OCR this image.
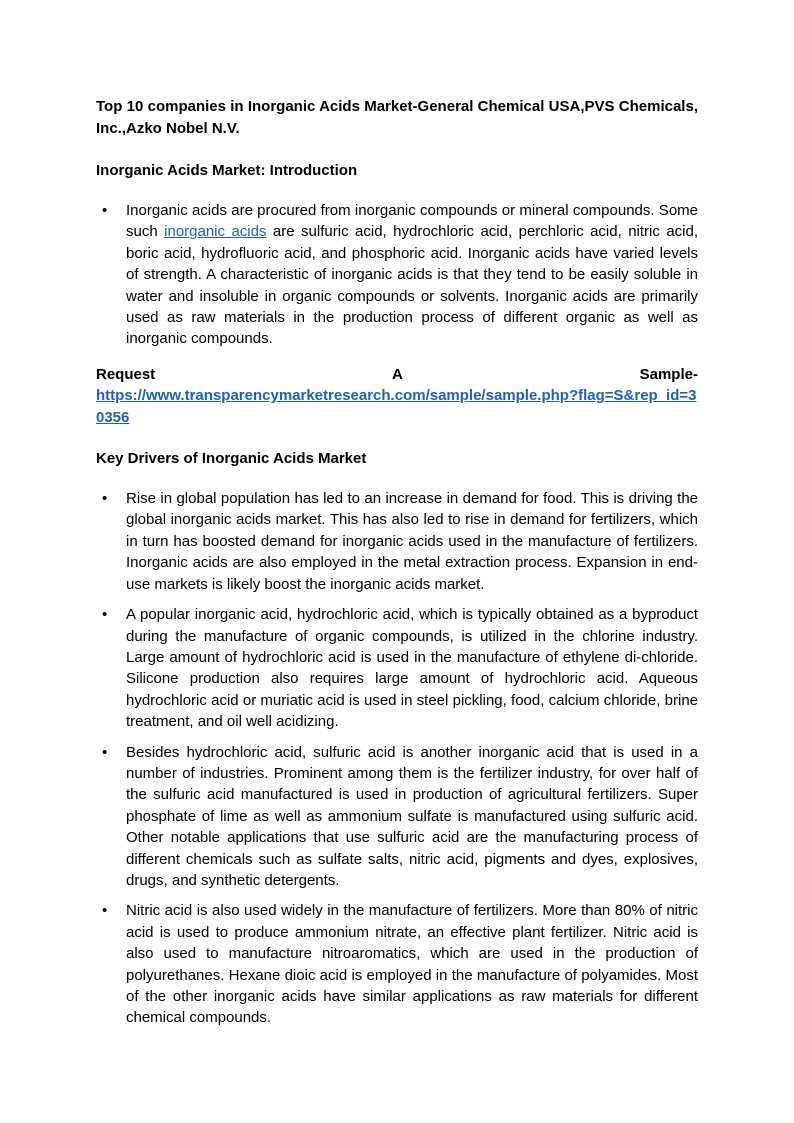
Top 10 companies in Inorganic Acids Market-General Chemical USA,PVS Chemicals, Inc.,Azko Nobel N.V.

Inorganic Acids Market: Introduction

• Inorganic acids are procured from inorganic compounds or mineral compounds. Some such inorganic acids are sulfuric acid, hydrochloric acid, perchloric acid, nitric acid, boric acid, hydrofluoric acid, and phosphoric acid. Inorganic acids have varied levels of strength. A characteristic of inorganic acids is that they tend to be easily soluble in water and insoluble in organic compounds or solvents. Inorganic acids are primarily used as raw materials in the production process of different organic as well as inorganic compounds.
Request	A	Sample-
https://www.transparencymarketresearch.com/sample/sample.php?flag=S&rep_id=30356

Key Drivers of Inorganic Acids Market

• Rise in global population has led to an increase in demand for food. This is driving the global inorganic acids market. This has also led to rise in demand for fertilizers, which in turn has boosted demand for inorganic acids used in the manufacture of fertilizers. Inorganic acids are also employed in the metal extraction process. Expansion in end-use markets is likely boost the inorganic acids market.
• A popular inorganic acid, hydrochloric acid, which is typically obtained as a byproduct during the manufacture of organic compounds, is utilized in the chlorine industry. Large amount of hydrochloric acid is used in the manufacture of ethylene di-chloride. Silicone production also requires large amount of hydrochloric acid. Aqueous hydrochloric acid or muriatic acid is used in steel pickling, food, calcium chloride, brine treatment, and oil well acidizing.
• Besides hydrochloric acid, sulfuric acid is another inorganic acid that is used in a number of industries. Prominent among them is the fertilizer industry, for over half of the sulfuric acid manufactured is used in production of agricultural fertilizers. Super phosphate of lime as well as ammonium sulfate is manufactured using sulfuric acid. Other notable applications that use sulfuric acid are the manufacturing process of different chemicals such as sulfate salts, nitric acid, pigments and dyes, explosives, drugs, and synthetic detergents.
• Nitric acid is also used widely in the manufacture of fertilizers. More than 80% of nitric acid is used to produce ammonium nitrate, an effective plant fertilizer. Nitric acid is also used to manufacture nitroaromatics, which are used in the production of polyurethanes. Hexane dioic acid is employed in the manufacture of polyamides. Most of the other inorganic acids have similar applications as raw materials for different chemical compounds.
